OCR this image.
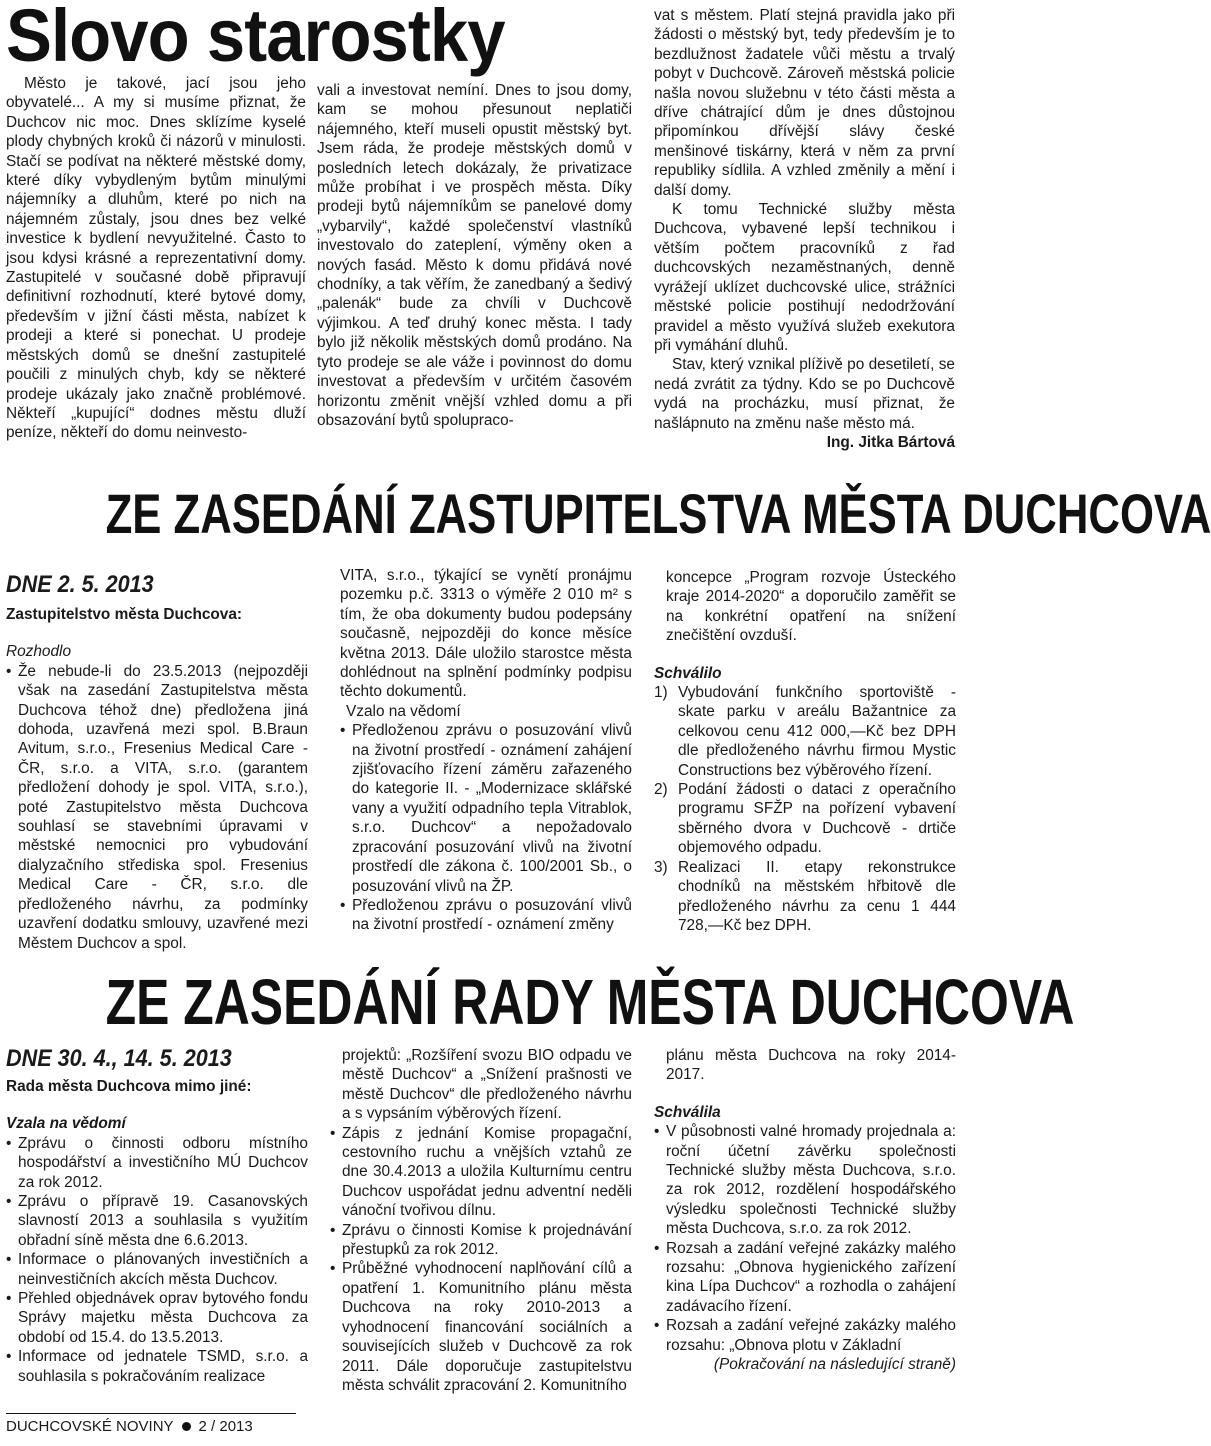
Slovo starostky

Město je takové, jací jsou jeho obyvatelé... A my si musíme přiznat, že Duchcov nic moc. Dnes sklízíme kyselé plody chybných kroků či názorů v minulosti. Stačí se podívat na některé městské domy, které díky vybydleným bytům minulými nájemníky a dluhům, které po nich na nájemném zůstaly, jsou dnes bez velké investice k bydlení nevyužitelné. Často to jsou kdysi krásné a reprezentativní domy. Zastupitelé v současné době připravují definitivní rozhodnutí, které bytové domy, především v jižní části města, nabízet k prodeji a které si ponechat. U prodeje městských domů se dnešní zastupitelé poučili z minulých chyb, kdy se některé prodeje ukázaly jako značně problémové. Někteří „kupující“ dodnes městu dluží peníze, někteří do domu neinvesto-

vali a investovat nemíní. Dnes to jsou domy, kam se mohou přesunout neplatiči nájemného, kteří museli opustit městský byt. Jsem ráda, že prodeje městských domů v posledních letech dokázaly, že privatizace může probíhat i ve prospěch města. Díky prodeji bytů nájemníkům se panelové domy „vybarvily“, každé společenství vlastníků investovalo do zateplení, výměny oken a nových fasád. Město k domu přidává nové chodníky, a tak věřím, že zanedbaný a šedivý „palenák“ bude za chvíli v Duchcově výjimkou. A teď druhý konec města. I tady bylo již několik městských domů prodáno. Na tyto prodeje se ale váže i povinnost do domu investovat a především v určitém časovém horizontu změnit vnější vzhled domu a při obsazování bytů spolupraco-

vat s městem. Platí stejná pravidla jako při žádosti o městský byt, tedy především je to bezdlužnost žadatele vůči městu a trvalý pobyt v Duchcově. Zároveň městská policie našla novou služebnu v této části města a dříve chátrající dům je dnes důstojnou připomínkou dřívější slávy české menšinové tiskárny, která v něm za první republiky sídlila. A vzhled změnily a mění i další domy.

K tomu Technické služby města Duchcova, vybavené lepší technikou i větším počtem pracovníků z řad duchcovských nezaměstnaných, denně vyrážejí uklízet duchcovské ulice, strážníci městské policie postihují nedodržování pravidel a město využívá služeb exekutora při vymáhání dluhů.

Stav, který vznikal plíživě po desetiletí, se nedá zvrátit za týdny. Kdo se po Duchcově vydá na procházku, musí přiznat, že našlápnuto na změnu naše město má.

Ing. Jitka Bártová
ZE ZASEDÁNÍ ZASTUPITELSTVA MĚSTA DUCHCOVA
DNE 2. 5. 2013
Zastupitelstvo města Duchcova:
Rozhodlo
• Že nebude-li do 23.5.2013 (nejpozději však na zasedání Zastupitelstva města Duchcova téhož dne) předložena jiná dohoda, uzavřená mezi spol. B.Braun Avitum, s.r.o., Fresenius Medical Care - ČR, s.r.o. a VITA, s.r.o. (garantem předložení dohody je spol. VITA, s.r.o.), poté Zastupitelstvo města Duchcova souhlasí se stavebními úpravami v městské nemocnici pro vybudování dialyzačního střediska spol. Fresenius Medical Care - ČR, s.r.o. dle předloženého návrhu, za podmínky uzavření dodatku smlouvy, uzavřené mezi Městem Duchcov a spol.

VITA, s.r.o., týkající se vynětí pronájmu pozemku p.č. 3313 o výměře 2 010 m² s tím, že oba dokumenty budou podepsány současně, nejpozději do konce měsíce května 2013. Dále uložilo starostce města dohlédnout na splnění podmínky podpisu těchto dokumentů.

Vzalo na vědomí
• Předloženou zprávu o posuzování vlivů na životní prostředí - oznámení zahájení zjišťovacího řízení záměru zařazeného do kategorie II. - „Modernizace sklářské vany a využití odpadního tepla Vitrablok, s.r.o. Duchcov“ a nepožadovalo zpracování posuzování vlivů na životní prostředí dle zákona č. 100/2001 Sb., o posuzování vlivů na ŽP.
• Předloženou zprávu o posuzování vlivů na životní prostředí - oznámení změny

koncepce „Program rozvoje Ústeckého kraje 2014-2020“ a doporučilo zaměřit se na konkrétní opatření na snížení znečištění ovzduší.

Schválilo
1) Vybudování funkčního sportoviště - skate parku v areálu Bažantnice za celkovou cenu 412 000,—Kč bez DPH dle předloženého návrhu firmou Mystic Constructions bez výběrového řízení.
2) Podání žádosti o dataci z operačního programu SFŽP na pořízení vybavení sběrného dvora v Duchcově - drtiče objemového odpadu.
3) Realizaci II. etapy rekonstrukce chodníků na městském hřbitově dle předloženého návrhu za cenu 1 444 728,—Kč bez DPH.
ZE ZASEDÁNÍ RADY MĚSTA DUCHCOVA
DNE 30. 4., 14. 5. 2013
Rada města Duchcova mimo jiné:
Vzala na vědomí
• Zprávu o činnosti odboru místního hospodářství a investičního MÚ Duchcov za rok 2012.
• Zprávu o přípravě 19. Casanovských slavností 2013 a souhlasila s využitím obřadní síně města dne 6.6.2013.
• Informace o plánovaných investičních a neinvestičních akcích města Duchcov.
• Přehled objednávek oprav bytového fondu Správy majetku města Duchcova za období od 15.4. do 13.5.2013.
• Informace od jednatele TSMD, s.r.o. a souhlasila s pokračováním realizace

projektů: „Rozšíření svozu BIO odpadu ve městě Duchcov“ a „Snížení prašnosti ve městě Duchcov“ dle předloženého návrhu a s vypsáním výběrových řízení.

• Zápis z jednání Komise propagační, cestovního ruchu a vnějších vztahů ze dne 30.4.2013 a uložila Kulturnímu centru Duchcov uspořádat jednu adventní neděli vánoční tvořivou dílnu.
• Zprávu o činnosti Komise k projednávání přestupků za rok 2012.
• Průběžné vyhodnocení naplňování cílů a opatření 1. Komunitního plánu města Duchcova na roky 2010-2013 a vyhodnocení financování sociálních a souvisejících služeb v Duchcově za rok 2011. Dále doporučuje zastupitelstvu města schválit zpracování 2. Komunitního

plánu města Duchcova na roky 2014-2017.

Schválila
• V působnosti valné hromady projednala a: roční účetní závěrku společnosti Technické služby města Duchcova, s.r.o. za rok 2012, rozdělení hospodářského výsledku společnosti Technické služby města Duchcova, s.r.o. za rok 2012.
• Rozsah a zadání veřejné zakázky malého rozsahu: „Obnova hygienického zařízení kina Lípa Duchcov“ a rozhodla o zahájení zadávacího řízení.
• Rozsah a zadání veřejné zakázky malého rozsahu: „Obnova plotu v Základní
(Pokračování na následující straně)
DUCHCOVSKÉ NOVINY 2 / 2013
